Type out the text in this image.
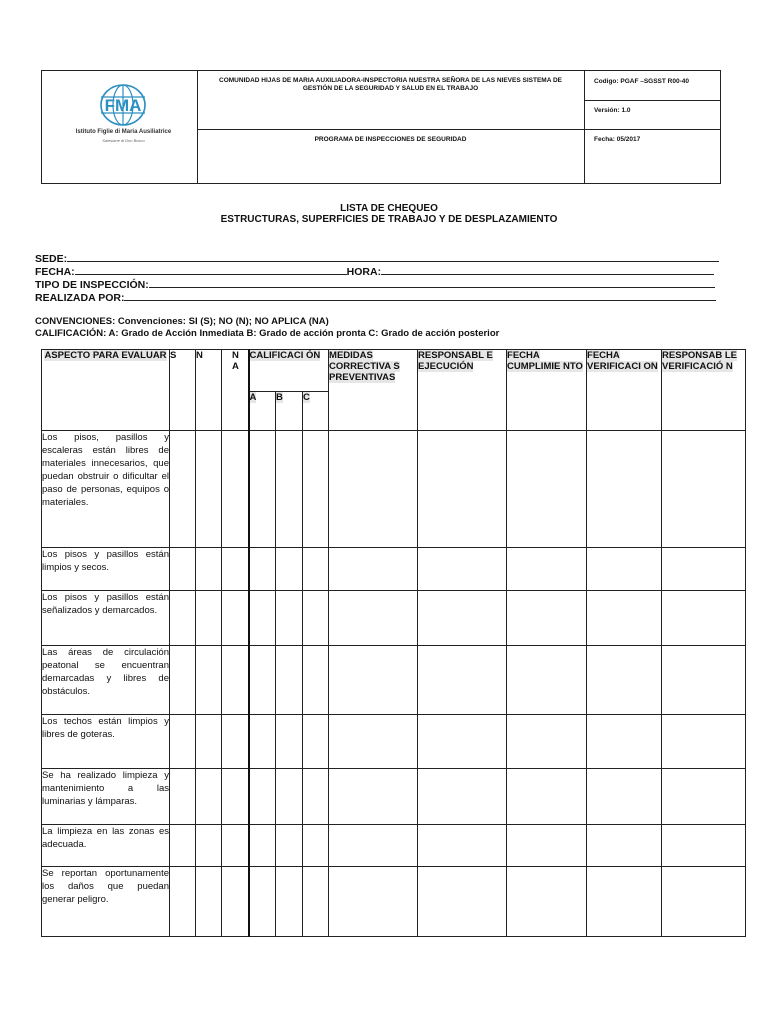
FMA
Istituto Figlie di Maria Ausiliatrice
Salesiane di Don Bosco
COMUNIDAD HIJAS DE MARIA AUXILIADORA-INSPECTORIA NUESTRA SEÑORA DE LAS NIEVES SISTEMA DE GESTIÓN DE LA SEGURIDAD Y SALUD EN EL TRABAJO
PROGRAMA DE INSPECCIONES DE SEGURIDAD
Codigo: PGAF –SGSST R00-40
Versión: 1.0
Fecha: 05/2017
LISTA DE CHEQUEO
ESTRUCTURAS, SUPERFICIES DE TRABAJO Y DE DESPLAZAMIENTO
SEDE:
FECHA:	HORA:
TIPO DE INSPECCIÓN:
REALIZADA POR:
CONVENCIONES: Convenciones: SI (S); NO (N); NO APLICA (NA)
CALIFICACIÓN: A: Grado de Acción Inmediata B: Grado de acción pronta C: Grado de acción posterior
ASPECTO PARA EVALUAR	S	N	N A	CALIFICACI ÓN			MEDIDAS CORRECTIVA S PREVENTIVAS	RESPONSABL E EJECUCIÓN	FECHA CUMPLIMIE NTO	FECHA VERIFICACI ON	RESPONSAB LE VERIFICACIÓ N
				A	B	C					
Los pisos, pasillos y escaleras están libres de materiales innecesarios, que puedan obstruir o dificultar el paso de personas, equipos o materiales.											
Los pisos y pasillos están limpios y secos.											
Los pisos y pasillos están señalizados y demarcados.											
Las áreas de circulación peatonal se encuentran demarcadas y libres de obstáculos.											
Los techos están limpios y libres de goteras.											
Se ha realizado limpieza y mantenimiento a las luminarias y lámparas.											
La limpieza en las zonas es adecuada.											
Se reportan oportunamente los daños que puedan generar peligro.											
